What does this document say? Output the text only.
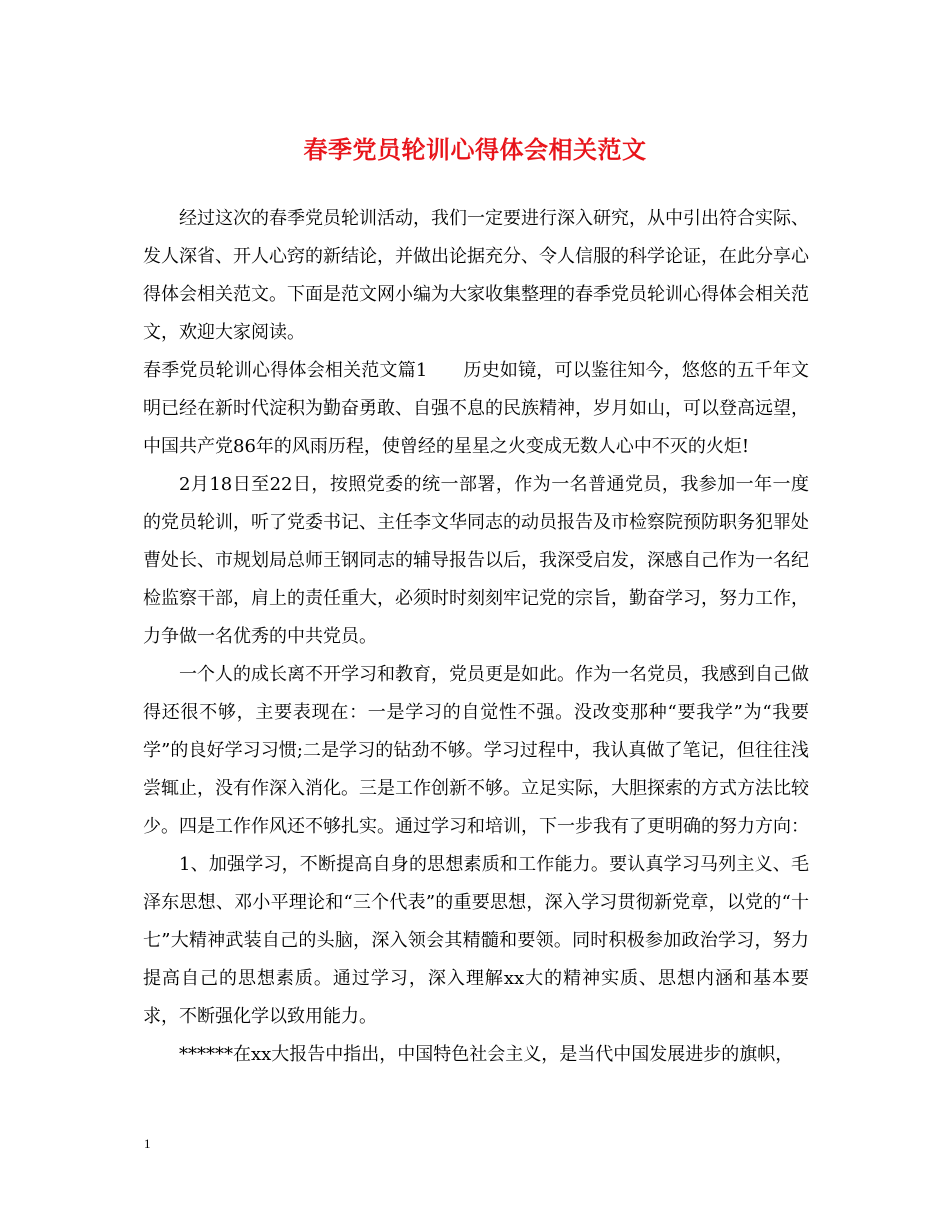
春季党员轮训心得体会相关范文

经过这次的春季党员轮训活动，我们一定要进行深入研究，从中引出符合实际、发人深省、开人心窍的新结论，并做出论据充分、令人信服的科学论证，在此分享心得体会相关范文。下面是范文网小编为大家收集整理的春季党员轮训心得体会相关范文，欢迎大家阅读。

春季党员轮训心得体会相关范文篇1 历史如镜，可以鉴往知今，悠悠的五千年文明已经在新时代淀积为勤奋勇敢、自强不息的民族精神，岁月如山，可以登高远望，中国共产党86年的风雨历程，使曾经的星星之火变成无数人心中不灭的火炬!

2月18日至22日，按照党委的统一部署，作为一名普通党员，我参加一年一度的党员轮训，听了党委书记、主任李文华同志的动员报告及市检察院预防职务犯罪处曹处长、市规划局总师王钢同志的辅导报告以后，我深受启发，深感自己作为一名纪检监察干部，肩上的责任重大，必须时时刻刻牢记党的宗旨，勤奋学习，努力工作，力争做一名优秀的中共党员。

一个人的成长离不开学习和教育，党员更是如此。作为一名党员，我感到自己做得还很不够，主要表现在：一是学习的自觉性不强。没改变那种“要我学”为“我要学”的良好学习习惯;二是学习的钻劲不够。学习过程中，我认真做了笔记，但往往浅尝辄止，没有作深入消化。三是工作创新不够。立足实际，大胆探索的方式方法比较少。四是工作作风还不够扎实。通过学习和培训，下一步我有了更明确的努力方向：

1、加强学习，不断提高自身的思想素质和工作能力。要认真学习马列主义、毛泽东思想、邓小平理论和“三个代表”的重要思想，深入学习贯彻新党章，以党的“十七”大精神武装自己的头脑，深入领会其精髓和要领。同时积极参加政治学习，努力提高自己的思想素质。通过学习，深入理解xx大的精神实质、思想内涵和基本要求，不断强化学以致用能力。

******在xx大报告中指出，中国特色社会主义，是当代中国发展进步的旗帜，

1
